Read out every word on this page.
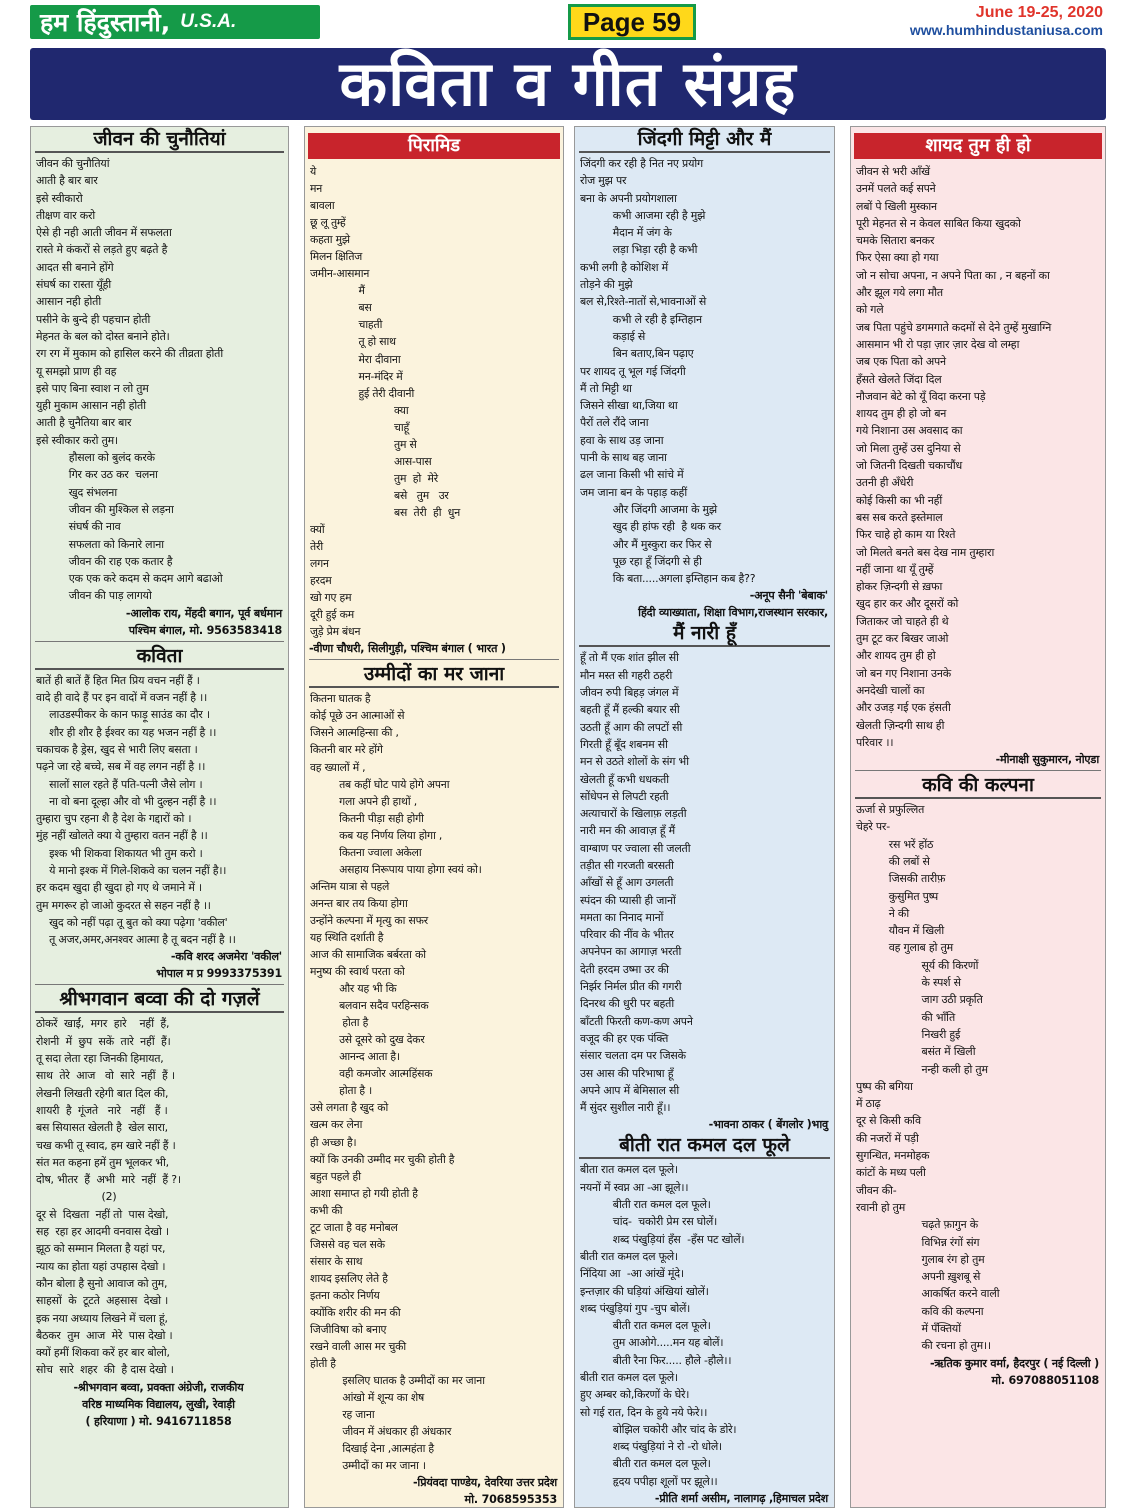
हम हिंदुस्तानी, U.S.A.	Page 59	June 19-25, 2020
www.humhindustaniusa.com
कविता व गीत संग्रह
जीवन की चुनौतियां
जीवन की चुनौतियां
आती है बार बार
इसे स्वीकारो
तीक्षण वार करो
ऐसे ही नही आती जीवन में सफलता
रास्ते मे कंकरों से लड़ते हुए बढ़ते है
आदत सी बनाने होंगे
संघर्ष का रास्ता यूँही
आसान नही होती
पसीने के बुन्दे ही पहचान होती
मेहनत के बल को दोस्त बनाने होते।
रग रग में मुकाम को हासिल करने की तीव्रता होती
यू समझो प्राण ही वह
इसे पाए बिना स्वाश न लो तुम
युही मुकाम आसान नही होती
आती है चुनैतिया बार बार
इसे स्वीकार करो तुम।
हौसला को बुलंद करके
गिर कर उठ कर  चलना
खुद संभलना
जीवन की मुश्किल से लड़ना
संघर्ष की नाव
सफलता को किनारे लाना
जीवन की राह एक कतार है
एक एक करे कदम से कदम आगे बढाओ
जीवन की पाड़ लागयो
-आलोक राय, मेंहदी बगान, पूर्व बर्धमान
पश्चिम बंगाल, मो. 9563583418
कविता
बातें ही बातें हैं हित मित प्रिय वचन नहीं हैं ।
वादे ही वादे हैं पर इन वादों में वजन नहीं है ।।
लाउडस्पीकर के कान फाड़ू साउंड का दौर ।
शौर ही शौर है ईश्वर का यह भजन नहीं है ।।
चकाचक है ड्रेस, खुद से भारी लिए बसता ।
पढ़ने जा रहे बच्चे, सब में वह लगन नहीं है ।।
सालों साल रहते हैं पति-पत्नी जैसे लोग ।
ना वो बना दूल्हा और वो भी दुल्हन नहीं है ।।
तुम्हारा चुप रहना शै है देश के गद्दारों को ।
मुंह नहीं खोलते क्या ये तुम्हारा वतन नहीं है ।।
इश्क भी शिकवा शिकायत भी तुम करो ।
ये मानो इश्क में गिले-शिकवे का चलन नहीं है।।
हर कदम खुदा ही खुदा हो गए थे जमाने में ।
तुम मगरूर हो जाओ कुदरत से सहन नहीं है ।।
खुद को नहीं पढ़ा तू बुत को क्या पढ़ेगा 'वकील'
तू अजर,अमर,अनश्वर आत्मा है तू बदन नहीं है ।।
-कवि शरद अजमेरा 'वकील'
भोपाल म प्र 9993375391
श्रीभगवान बव्वा की दो गज़लें
ठोकरें  खाईं,  मगर  हारे    नहीं  हैं,
रोशनी  में  छुप  सकें  तारे  नहीं  हैं।
तू सदा लेता रहा जिनकी हिमायत,
साथ  तेरे  आज   वो  सारे  नहीं  हैं ।
लेखनी लिखती रहेगी बात दिल की,
शायरी  है  गूंजते   नारे   नहीं   हैं ।
बस सियासत खेलती है  खेल सारा,
चख कभी तू स्वाद, हम खारे नहीं हैं ।
संत मत कहना हमें तुम भूलकर भी,
दोष, भीतर  हैं  अभी  मारे  नहीं  हैं ?।
(2)
दूर से  दिखता  नहीं तो  पास देखो,
सह  रहा हर आदमी वनवास देखो ।
झूठ को सम्मान मिलता है यहां पर,
न्याय का होता यहां उपहास देखो ।
कौन बोला है सुनो आवाज को तुम,
साहसों  के  टूटते  अहसास  देखो ।
इक नया अध्याय लिखने में चला हूं,
बैठकर  तुम  आज  मेरे  पास देखो ।
क्यों हमीं शिकवा करें हर बार बोलो,
सोच  सारे  शहर  की  है दास देखो ।
-श्रीभगवान बव्वा, प्रवक्ता अंग्रेजी, राजकीय
वरिष्ठ माध्यमिक विद्यालय, लुखी, रेवाड़ी
( हरियाणा ) मो. 9416711858
पिरामिड
ये
मन
बावला
छू लू तुम्हें
कहता मुझे
मिलन क्षितिज
जमीन-आसमान
मैं
बस
चाहती
तू हो साथ
मेरा दीवाना
मन-मंदिर में
हुई तेरी दीवानी
क्या
चाहूँ
तुम से
आस-पास
तुम  हो  मेरे
बसे   तुम   उर
बस  तेरी  ही  धुन
क्यों
तेरी
लगन
हरदम
खो गए हम
दूरी हुई कम
जुड़े प्रेम बंधन
-वीणा चौधरी, सिलीगुड़ी, पश्चिम बंगाल ( भारत )
उम्मीदों का मर जाना
कितना घातक है
कोई पूछे उन आत्माओं से
जिसने आत्महिन्सा की ,
कितनी बार मरे होंगे
वह ख्यालों में ,
तब कहीं घोट पाये होगे अपना
गला अपने ही हाथों ,
कितनी पीड़ा सही होगी
कब यह निर्णय लिया होगा ,
कितना ज्वाला अकेला
असहाय निरूपाय पाया होगा स्वयं को।
अन्तिम यात्रा से पहले
अनन्त बार तय किया होगा
उन्होंने कल्पना में मृत्यु का सफर
यह स्थिति दर्शाती है
आज की सामाजिक बर्बरता को
मनुष्य की स्वार्थ परता को
और यह भी कि
बलवान सदैव परहिन्सक
होता है
उसे दूसरे को दुख देकर
आनन्द आता है।
वही कमजोर आत्महिंसक
होता है ।
उसे लगता है खुद को
खत्म कर लेना
ही अच्छा है।
क्यों कि उनकी उम्मीद मर चुकी होती है
बहुत पहले ही
आशा समाप्त हो गयी होती है
कभी की
टूट जाता है वह मनोबल
जिससे वह चल सके
संसार के साथ
शायद इसलिए लेते है
इतना कठोर निर्णय
क्योंकि शरीर की मन की
जिजीविषा को बनाए
रखने वाली आस मर चुकी
होती है
इसलिए घातक है उम्मीदों का मर जाना
आंखो में शून्य का शेष
रह जाना
जीवन में अंधकार ही अंधकार
दिखाई देना ,आत्महंता है
उम्मीदों का मर जाना ।
-प्रियंवदा पाण्डेय, देवरिया उत्तर प्रदेश
मो. 7068595353
जिंदगी मिट्टी और मैं
जिंदगी कर रही है नित नए प्रयोग
रोज मुझ पर
बना के अपनी प्रयोगशाला
कभी आजमा रही है मुझे
मैदान में जंग के
लड़ा भिड़ा रही है कभी
कभी लगी है कोशिश में
तोड़ने की मुझे
बल से,रिश्ते-नातों से,भावनाओं से
कभी ले रही है इम्तिहान
कड़ाई से
बिन बताए,बिन पढ़ाए
पर शायद तू भूल गई जिंदगी
मैं तो मिट्टी था
जिसने सीखा था,जिया था
पैरों तले रौंदे जाना
हवा के साथ उड़ जाना
पानी के साथ बह जाना
ढल जाना किसी भी सांचे में
जम जाना बन के पहाड़ कहीं
और जिंदगी आजमा के मुझे
खुद ही हांफ रही  है थक कर
और मैं मुस्कुरा कर फिर से
पूछ रहा हूँ जिंदगी से ही
कि बता.....अगला इम्तिहान कब है??
-अनूप सैनी 'बेबाक'
हिंदी व्याख्याता, शिक्षा विभाग,राजस्थान सरकार,
मैं नारी हूँ
हूँ तो मैं एक शांत झील सी
मौन मस्त सी गहरी ठहरी
जीवन रुपी बिहड़ जंगल में
बहती हूँ मैं हल्की बयार सी
उठती हूँ आग की लपटों सी
गिरती हूँ बूँद शबनम सी
मन से उठते शोलों के संग भी
खेलती हूँ कभी धधकती
सोंधेपन से लिपटी रहती
अत्याचारों के खिलाफ़ लड़ती
नारी मन की आवाज़ हूँ मैं
वाग्बाण पर ज्वाला सी जलती
तड़ीत सी गरजती बरसती
आँखों से हूँ आग उगलती
स्पंदन की प्यासी ही जानों
ममता का निनाद मानों
परिवार की नींव के भीतर
अपनेपन का आगाज़ भरती
देती हरदम उष्मा उर की
निर्झर निर्मल प्रीत की गगरी
दिनरथ की धुरी पर बहती
बाँटती फिरती कण-कण अपने
वजूद की हर एक पंक्ति
संसार चलता दम पर जिसके
उस आस की परिभाषा हूँ
अपने आप में बेमिसाल सी
मैं सुंदर सुशील नारी हूँ।।
-भावना ठाकर ( बेंगलोर )भावु
बीती रात कमल दल फूले
बीता रात कमल दल फूले।
नयनों में स्वप्न आ -आ झूले।।
बीती रात कमल दल फूले।
चांद-  चकोरी प्रेम रस घोलें।
शब्द पंखुड़ियां हँस  -हँस पट खोलें।
बीती रात कमल दल फूले।
निंदिया आ  -आ आंखें मूंदे।
इन्तज़ार की घड़ियां अंखियां खोलें।
शब्द पंखुड़ियां गुप -चुप बोलें।
बीती रात कमल दल फूले।
तुम आओगे.....मन यह बोलें।
बीती रैना फिर..... हौले -हौले।।
बीती रात कमल दल फूले।
हुए अम्बर को,किरणों के घेरे।
सो गई रात, दिन के हुये नये फेरे।।
बोझिल चकोरी और चांद के डोरे।
शब्द पंखुड़ियां ने रो -रो धोले।
बीती रात कमल दल फूले।
हृदय पपीहा शूलों पर झूले।।
-प्रीति शर्मा असीम, नालागढ़ ,हिमाचल प्रदेश
शायद तुम ही हो
जीवन से भरी आँखें
उनमें पलते कई सपने
लबों पे खिली मुस्कान
पूरी मेहनत से न केवल साबित किया खुदको
चमके सितारा बनकर
फिर ऐसा क्या हो गया
जो न सोचा अपना, न अपने पिता का , न बहनों का
और झूल गये लगा मौत
को गले
जब पिता पहुंचे डगमगाते कदमों से देने तुम्हें मुखाग्नि
आसमान भी रो पड़ा ज़ार ज़ार देख वो लम्हा
जब एक पिता को अपने
हँसते खेलते जिंदा दिल
नौजवान बेटे को यूँ विदा करना पड़े
शायद तुम ही हो जो बन
गये निशाना उस अवसाद का
जो मिला तुम्हें उस दुनिया से
जो जितनी दिखती चकाचौंध
उतनी ही अँधेरी
कोई किसी का भी नहीं
बस सब करते इस्तेमाल
फिर चाहे हो काम या रिश्ते
जो मिलते बनते बस देख नाम तुम्हारा
नहीं जाना था यूँ तुम्हें
होकर ज़िन्दगी से ख़फा
खुद हार कर और दूसरों को
जिताकर जो चाहते ही थे
तुम टूट कर बिखर जाओ
और शायद तुम ही हो
जो बन गए निशाना उनके
अनदेखी चालों का
और उजड़ गई एक हंसती
खेलती ज़िन्दगी साथ ही
परिवार ।।
-मीनाक्षी सुकुमारन, नोएडा
कवि की कल्पना
ऊर्जा से प्रफुल्लित
चेहरे पर-
रस भरें होंठ
की लबों से
जिसकी तारीफ़
कुसुमित पुष्प
ने की
यौवन में खिली
वह गुलाब हो तुम
सूर्य की किरणों
के स्पर्श से
जाग उठी प्रकृति
की भाँति
निखरी हुई
बसंत में खिली
नन्ही कली हो तुम
पुष्प की बगिया
में ठाढ़
दूर से किसी कवि
की नजरों में पड़ी
सुगन्धित, मनमोहक
कांटों के मध्य पली
जीवन की-
रवानी हो तुम
चढ़ते फ़ागुन के
विभिन्न रंगों संग
गुलाब रंग हो तुम
अपनी ख़ुशबू से
आकर्षित करने वाली
कवि की कल्पना
में पँक्तियों
की रचना हो तुम।।
-ऋतिक कुमार वर्मा, हैदरपुर ( नई दिल्ली )
मो. 697088051108
